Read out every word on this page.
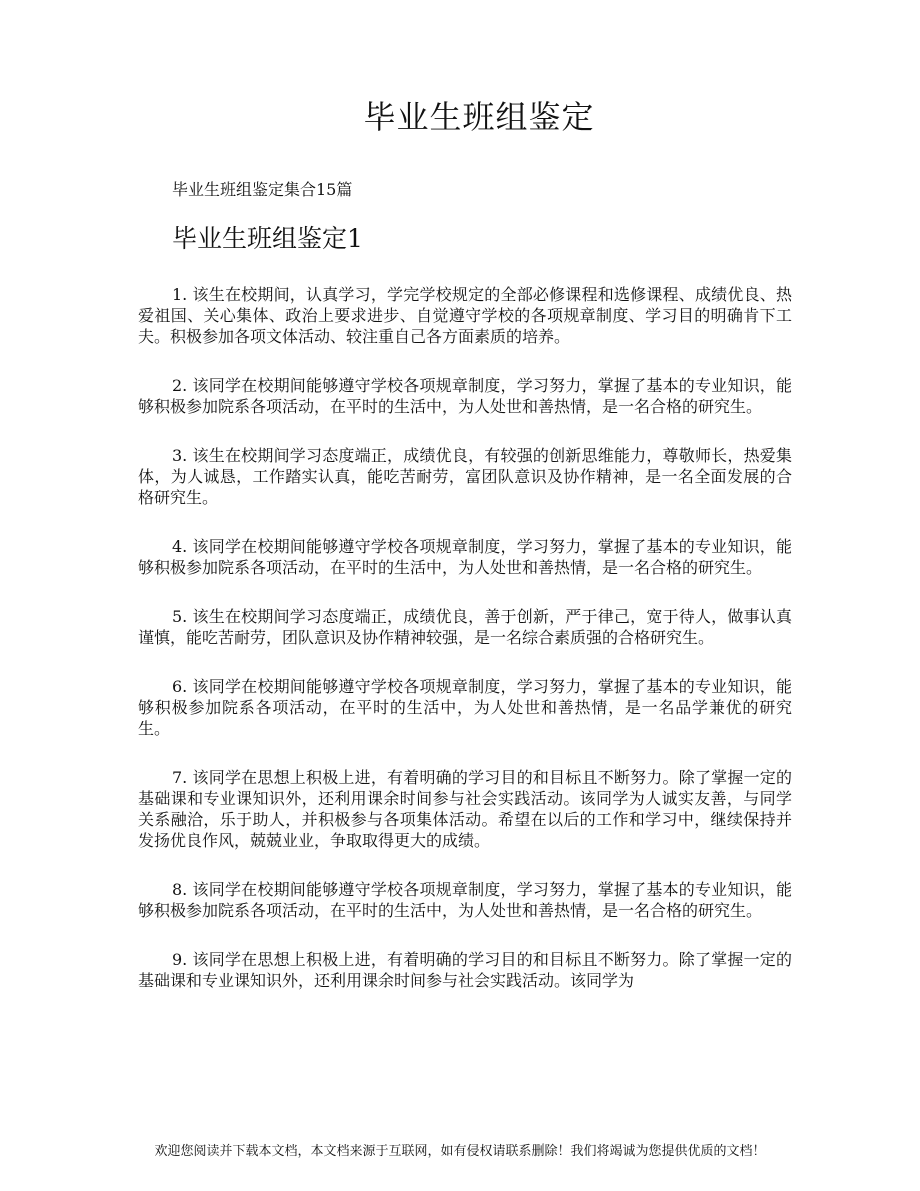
毕业生班组鉴定

毕业生班组鉴定集合15篇

毕业生班组鉴定1

1. 该生在校期间，认真学习，学完学校规定的全部必修课程和选修课程、成绩优良、热爱祖国、关心集体、政治上要求进步、自觉遵守学校的各项规章制度、学习目的明确肯下工夫。积极参加各项文体活动、较注重自己各方面素质的培养。

2. 该同学在校期间能够遵守学校各项规章制度，学习努力，掌握了基本的专业知识，能够积极参加院系各项活动，在平时的生活中，为人处世和善热情，是一名合格的研究生。

3. 该生在校期间学习态度端正，成绩优良，有较强的创新思维能力，尊敬师长，热爱集体，为人诚恳，工作踏实认真，能吃苦耐劳，富团队意识及协作精神，是一名全面发展的合格研究生。

4. 该同学在校期间能够遵守学校各项规章制度，学习努力，掌握了基本的专业知识，能够积极参加院系各项活动，在平时的生活中，为人处世和善热情，是一名合格的研究生。

5. 该生在校期间学习态度端正，成绩优良，善于创新，严于律己，宽于待人，做事认真谨慎，能吃苦耐劳，团队意识及协作精神较强，是一名综合素质强的合格研究生。

6. 该同学在校期间能够遵守学校各项规章制度，学习努力，掌握了基本的专业知识，能够积极参加院系各项活动，在平时的生活中，为人处世和善热情，是一名品学兼优的研究生。

7. 该同学在思想上积极上进，有着明确的学习目的和目标且不断努力。除了掌握一定的基础课和专业课知识外，还利用课余时间参与社会实践活动。该同学为人诚实友善，与同学关系融洽，乐于助人，并积极参与各项集体活动。希望在以后的工作和学习中，继续保持并发扬优良作风，兢兢业业，争取取得更大的成绩。

8. 该同学在校期间能够遵守学校各项规章制度，学习努力，掌握了基本的专业知识，能够积极参加院系各项活动，在平时的生活中，为人处世和善热情，是一名合格的研究生。

9. 该同学在思想上积极上进，有着明确的学习目的和目标且不断努力。除了掌握一定的基础课和专业课知识外，还利用课余时间参与社会实践活动。该同学为

欢迎您阅读并下载本文档，本文档来源于互联网，如有侵权请联系删除！我们将竭诚为您提供优质的文档！
